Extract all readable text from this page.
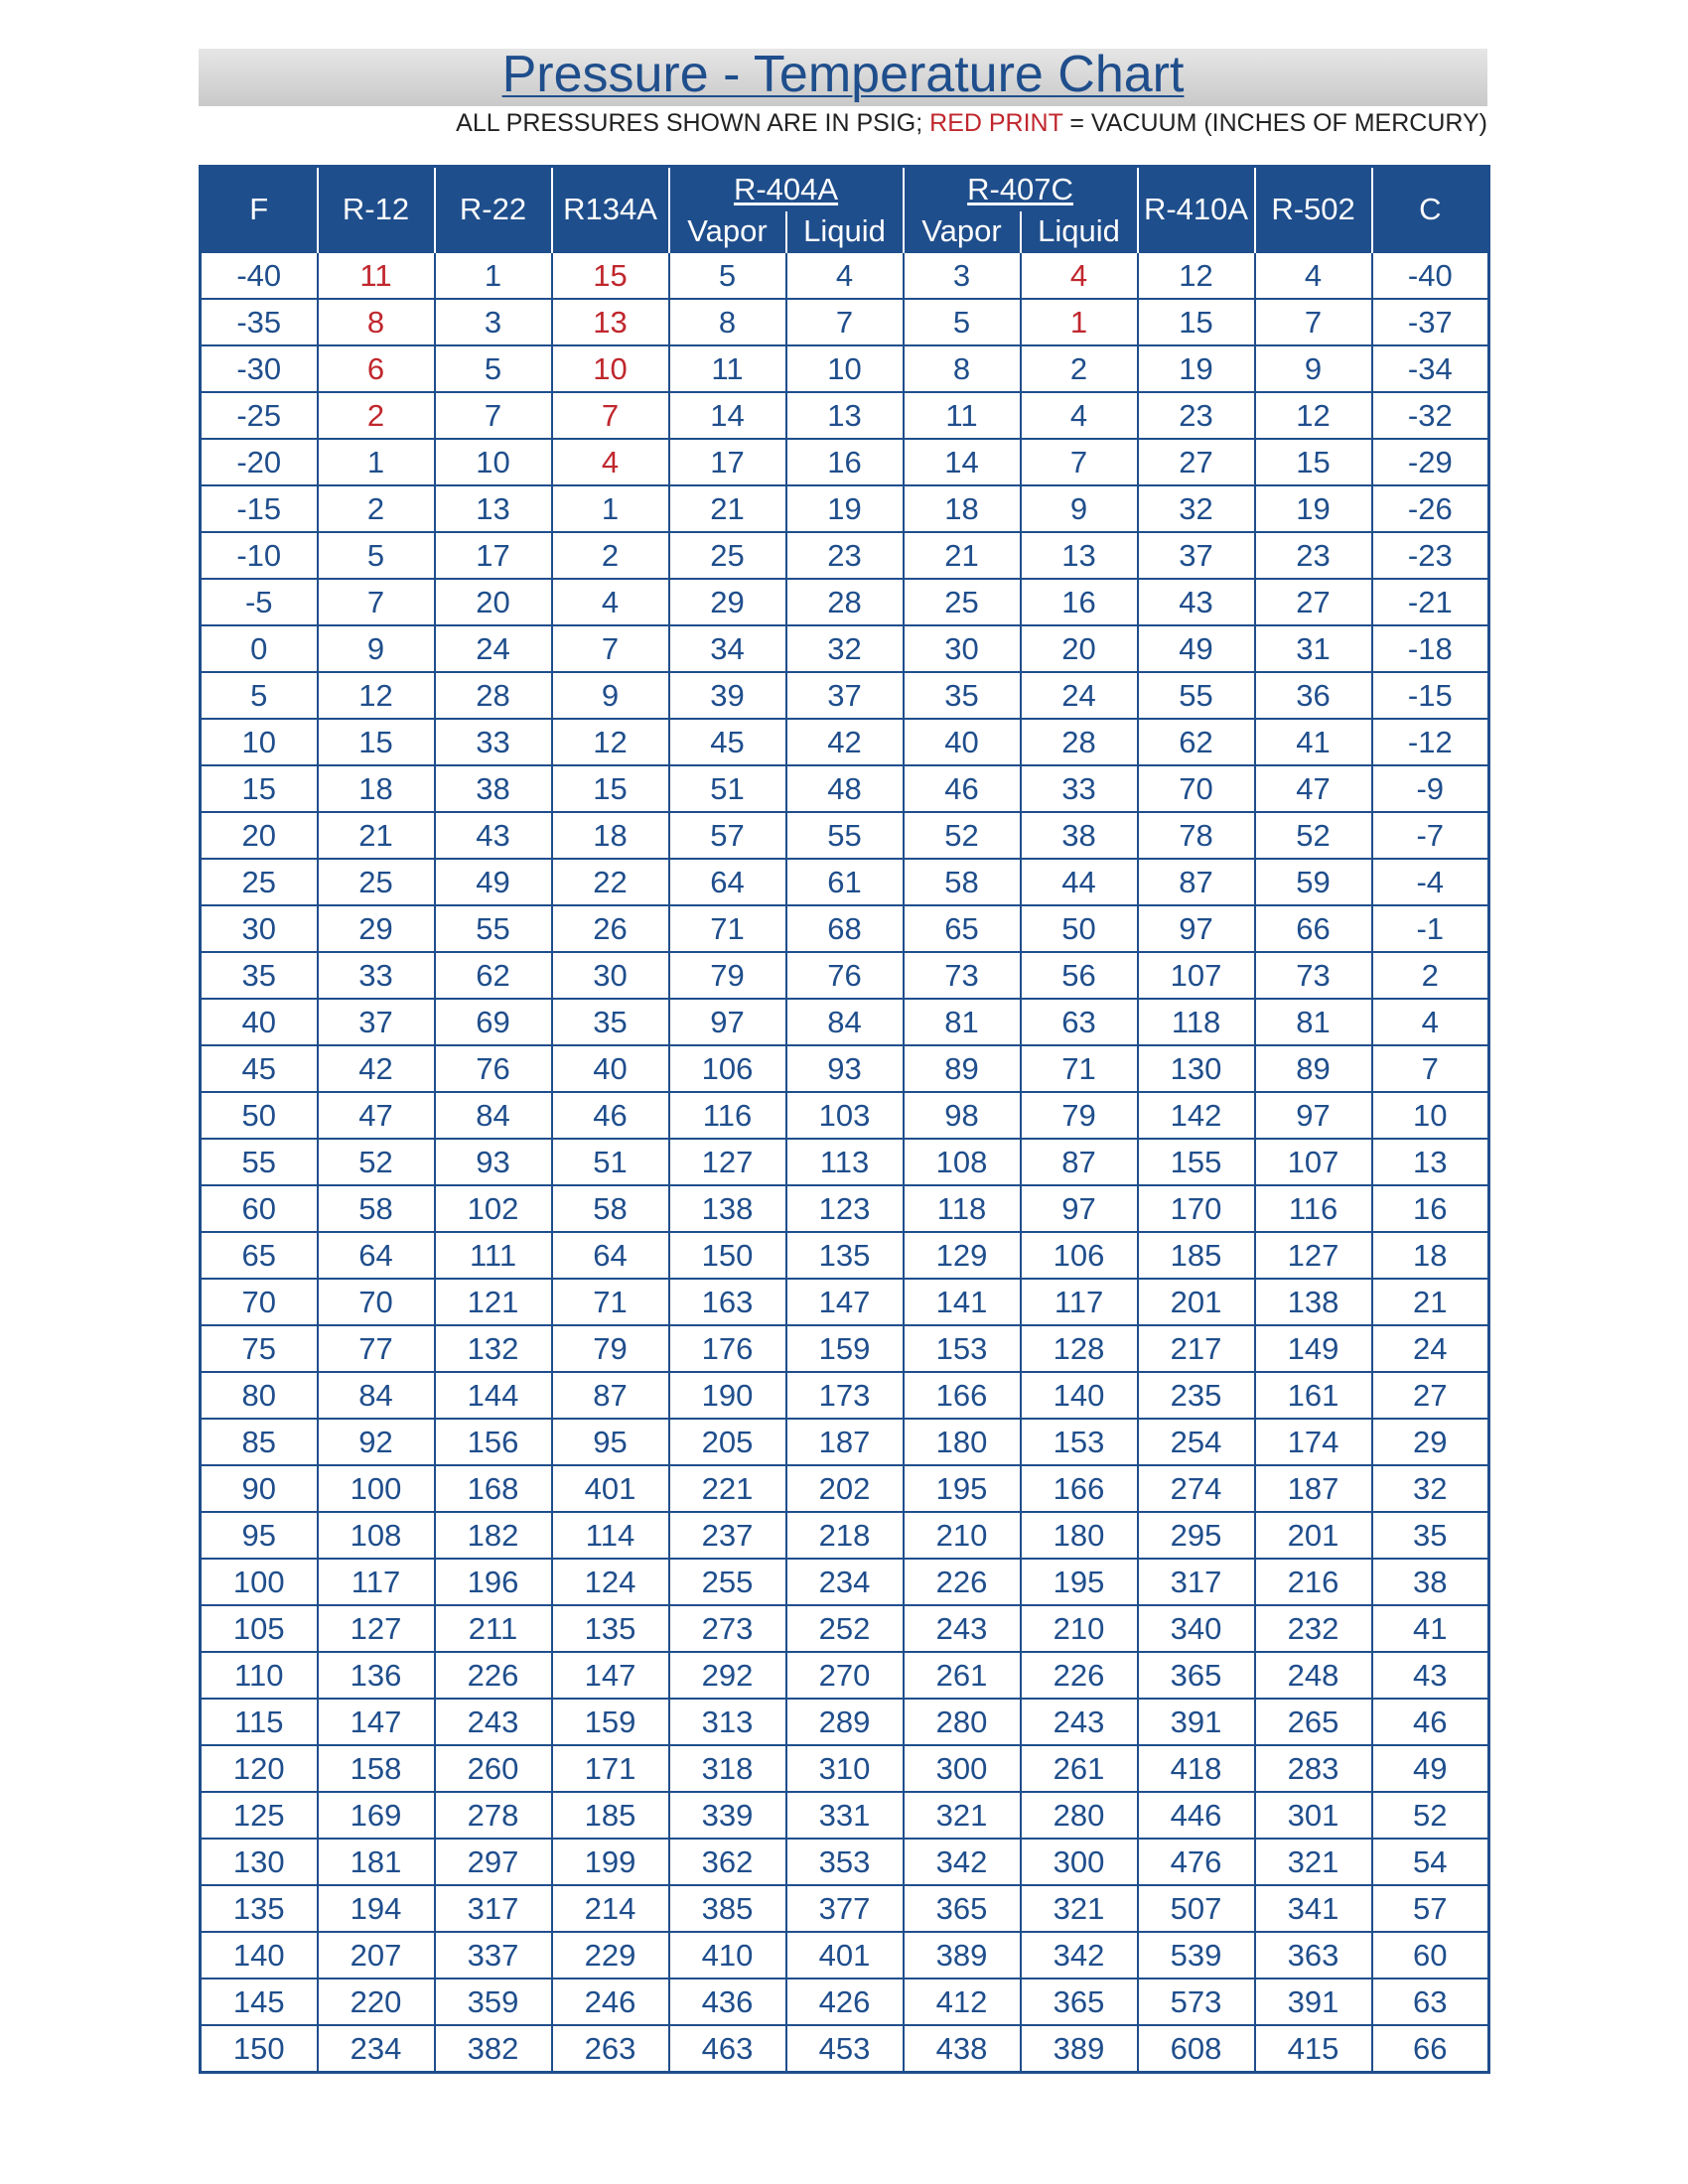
Pressure - Temperature Chart
ALL PRESSURES SHOWN ARE IN PSIG; RED PRINT = VACUUM (INCHES OF MERCURY)
F	R-12	R-22	R134A	R-404A		R-407C		R-410A	R-502	C
				Vapor	Liquid	Vapor	Liquid			
-40	11	1	15	5	4	3	4	12	4	-40
-35	8	3	13	8	7	5	1	15	7	-37
-30	6	5	10	11	10	8	2	19	9	-34
-25	2	7	7	14	13	11	4	23	12	-32
-20	1	10	4	17	16	14	7	27	15	-29
-15	2	13	1	21	19	18	9	32	19	-26
-10	5	17	2	25	23	21	13	37	23	-23
-5	7	20	4	29	28	25	16	43	27	-21
0	9	24	7	34	32	30	20	49	31	-18
5	12	28	9	39	37	35	24	55	36	-15
10	15	33	12	45	42	40	28	62	41	-12
15	18	38	15	51	48	46	33	70	47	-9
20	21	43	18	57	55	52	38	78	52	-7
25	25	49	22	64	61	58	44	87	59	-4
30	29	55	26	71	68	65	50	97	66	-1
35	33	62	30	79	76	73	56	107	73	2
40	37	69	35	97	84	81	63	118	81	4
45	42	76	40	106	93	89	71	130	89	7
50	47	84	46	116	103	98	79	142	97	10
55	52	93	51	127	113	108	87	155	107	13
60	58	102	58	138	123	118	97	170	116	16
65	64	111	64	150	135	129	106	185	127	18
70	70	121	71	163	147	141	117	201	138	21
75	77	132	79	176	159	153	128	217	149	24
80	84	144	87	190	173	166	140	235	161	27
85	92	156	95	205	187	180	153	254	174	29
90	100	168	401	221	202	195	166	274	187	32
95	108	182	114	237	218	210	180	295	201	35
100	117	196	124	255	234	226	195	317	216	38
105	127	211	135	273	252	243	210	340	232	41
110	136	226	147	292	270	261	226	365	248	43
115	147	243	159	313	289	280	243	391	265	46
120	158	260	171	318	310	300	261	418	283	49
125	169	278	185	339	331	321	280	446	301	52
130	181	297	199	362	353	342	300	476	321	54
135	194	317	214	385	377	365	321	507	341	57
140	207	337	229	410	401	389	342	539	363	60
145	220	359	246	436	426	412	365	573	391	63
150	234	382	263	463	453	438	389	608	415	66
